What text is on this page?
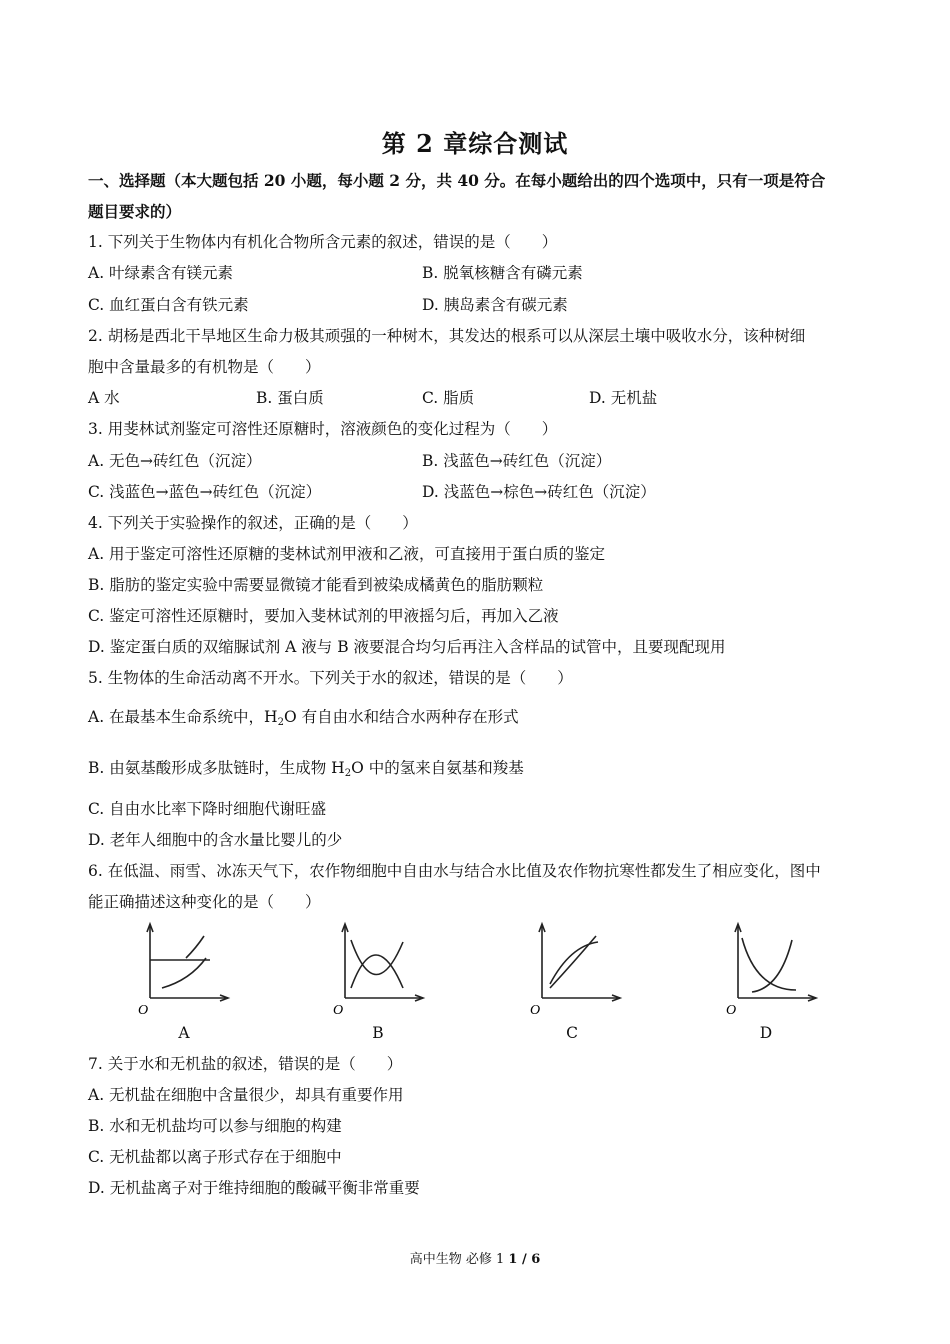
第 2 章综合测试
一、选择题（本大题包括 20 小题，每小题 2 分，共 40 分。在每小题给出的四个选项中，只有一项是符合
题目要求的）
1. 下列关于生物体内有机化合物所含元素的叙述，错误的是（　　）
A. 叶绿素含有镁元素	B. 脱氧核糖含有磷元素
C. 血红蛋白含有铁元素	D. 胰岛素含有碳元素
2. 胡杨是西北干旱地区生命力极其顽强的一种树木，其发达的根系可以从深层土壤中吸收水分，该种树细
胞中含量最多的有机物是（　　）
A 水	B. 蛋白质	C. 脂质	D. 无机盐
3. 用斐林试剂鉴定可溶性还原糖时，溶液颜色的变化过程为（　　）
A. 无色→砖红色（沉淀）	B. 浅蓝色→砖红色（沉淀）
C. 浅蓝色→蓝色→砖红色（沉淀）	D. 浅蓝色→棕色→砖红色（沉淀）
4. 下列关于实验操作的叙述，正确的是（　　）
A. 用于鉴定可溶性还原糖的斐林试剂甲液和乙液，可直接用于蛋白质的鉴定
B. 脂肪的鉴定实验中需要显微镜才能看到被染成橘黄色的脂肪颗粒
C. 鉴定可溶性还原糖时，要加入斐林试剂的甲液摇匀后，再加入乙液
D. 鉴定蛋白质的双缩脲试剂 A 液与 B 液要混合均匀后再注入含样品的试管中，且要现配现用
5. 生物体的生命活动离不开水。下列关于水的叙述，错误的是（　　）
A. 在最基本生命系统中，$H_2O$ 有自由水和结合水两种存在形式
B. 由氨基酸形成多肽链时，生成物 $H_2O$ 中的氢来自氨基和羧基
C. 自由水比率下降时细胞代谢旺盛
D. 老年人细胞中的含水量比婴儿的少
6. 在低温、雨雪、冰冻天气下，农作物细胞中自由水与结合水比值及农作物抗寒性都发生了相应变化，图中
能正确描述这种变化的是（　　）
O	O	O	O
A	B	C	D
7. 关于水和无机盐的叙述，错误的是（　　）
A. 无机盐在细胞中含量很少，却具有重要作用
B. 水和无机盐均可以参与细胞的构建
C. 无机盐都以离子形式存在于细胞中
D. 无机盐离子对于维持细胞的酸碱平衡非常重要
高中生物 必修 1 1 / 6
